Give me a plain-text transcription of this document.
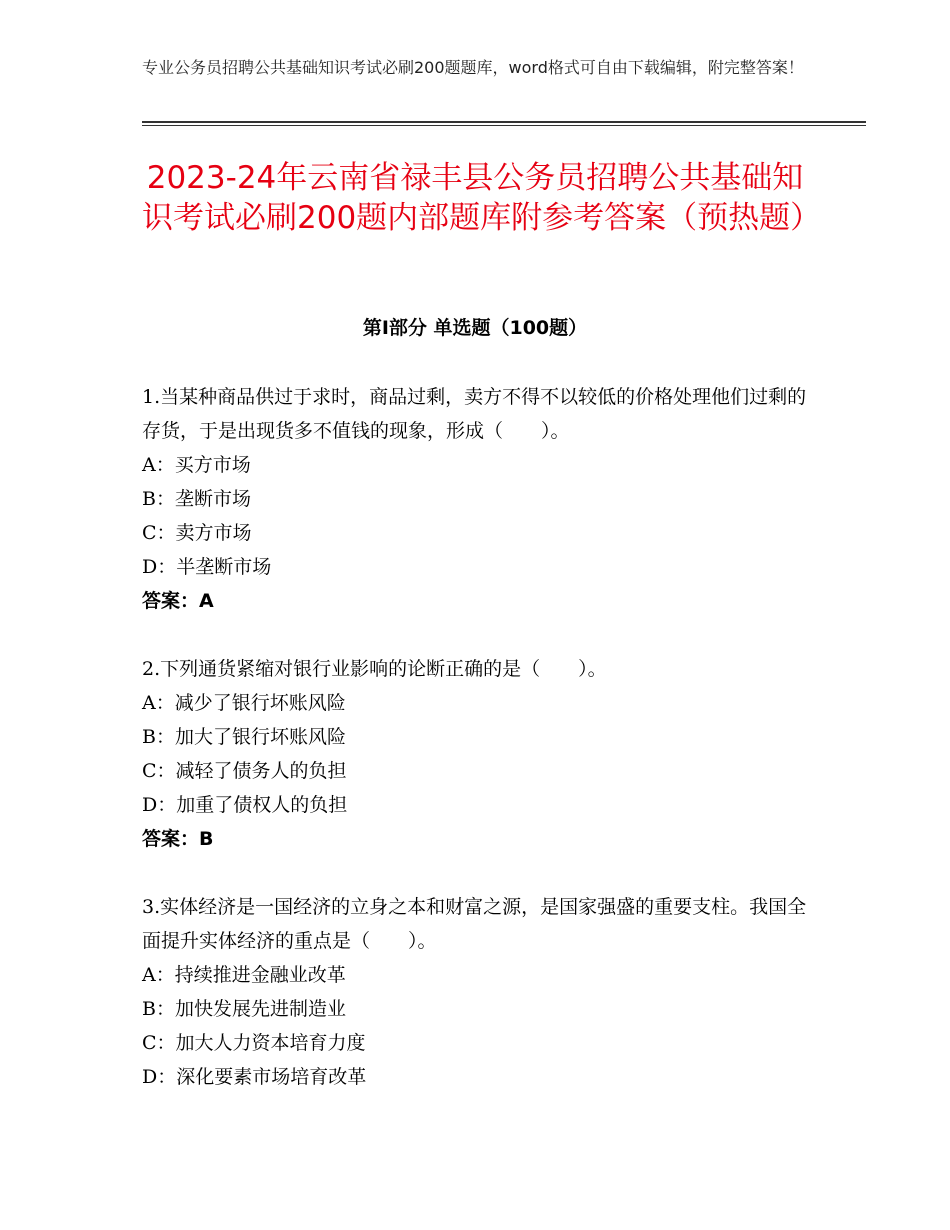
专业公务员招聘公共基础知识考试必刷200题题库，word格式可自由下载编辑，附完整答案！
2023-24年云南省禄丰县公务员招聘公共基础知识考试必刷200题内部题库附参考答案（预热题）
第Ⅰ部分 单选题（100题）

1.当某种商品供过于求时，商品过剩，卖方不得不以较低的价格处理他们过剩的存货，于是出现货多不值钱的现象，形成（　　）。

A：买方市场

B：垄断市场

C：卖方市场

D：半垄断市场

答案：A

2.下列通货紧缩对银行业影响的论断正确的是（　　）。

A：减少了银行坏账风险

B：加大了银行坏账风险

C：减轻了债务人的负担

D：加重了债权人的负担

答案：B

3.实体经济是一国经济的立身之本和财富之源，是国家强盛的重要支柱。我国全面提升实体经济的重点是（　　）。

A：持续推进金融业改革

B：加快发展先进制造业

C：加大人力资本培育力度

D：深化要素市场培育改革
